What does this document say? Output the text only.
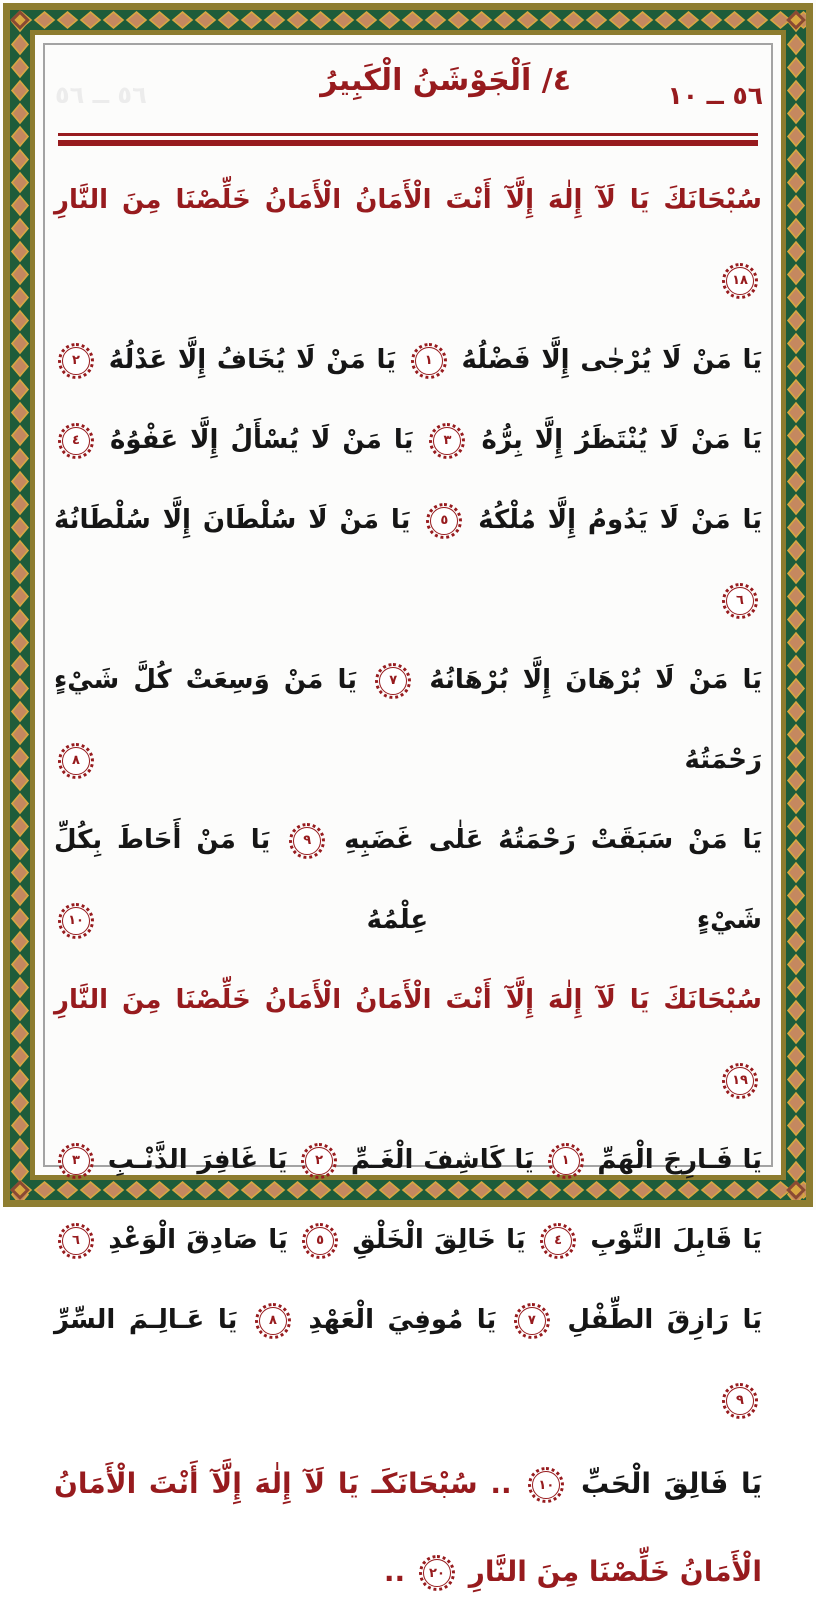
٥٦ ــ ٥٦	٤/ اَلْجَوْشَنُ الْكَبِيرُ	٥٦ ــ ١٠
سُبْحَانَكَ يَا لَآ إِلٰهَ إِلَّآ أَنْتَ الْأَمَانُ الْأَمَانُ خَلِّصْنَا مِنَ النَّارِ ١٨
يَا مَنْ لَا يُرْجٰى إِلَّا فَضْلُهُ ١ يَا مَنْ لَا يُخَافُ إِلَّا عَدْلُهُ ٢
يَا مَنْ لَا يُنْتَظَرُ إِلَّا بِرُّهُ ٣ يَا مَنْ لَا يُسْأَلُ إِلَّا عَفْوُهُ ٤
يَا مَنْ لَا يَدُومُ إِلَّا مُلْكُهُ ٥ يَا مَنْ لَا سُلْطَانَ إِلَّا سُلْطَانُهُ ٦
يَا مَنْ لَا بُرْهَانَ إِلَّا بُرْهَانُهُ ٧ يَا مَنْ وَسِعَتْ كُلَّ شَيْءٍ رَحْمَتُهُ ٨
يَا مَنْ سَبَقَتْ رَحْمَتُهُ عَلٰى غَضَبِهِ ٩ يَا مَنْ أَحَاطَ بِكُلِّ شَيْءٍ عِلْمُهُ ١٠
سُبْحَانَكَ يَا لَآ إِلٰهَ إِلَّآ أَنْتَ الْأَمَانُ الْأَمَانُ خَلِّصْنَا مِنَ النَّارِ ١٩
يَا فَـارِجَ الْهَمِّ ١ يَا كَاشِفَ الْغَـمِّ ٢ يَا غَافِرَ الذَّنْـبِ ٣
يَا قَابِلَ التَّوْبِ ٤ يَا خَالِقَ الْخَلْقِ ٥ يَا صَادِقَ الْوَعْدِ ٦
يَا رَازِقَ الطِّفْلِ ٧ يَا مُوفِيَ الْعَهْدِ ٨ يَا عَـالِـمَ السِّرِّ ٩
يَا فَالِقَ الْحَبِّ ١٠ .. سُبْحَانَكَـ يَا لَآ إِلٰهَ إِلَّآ أَنْتَ الْأَمَانُ
الْأَمَانُ خَلِّصْنَا مِنَ النَّارِ ٢٠ ..
